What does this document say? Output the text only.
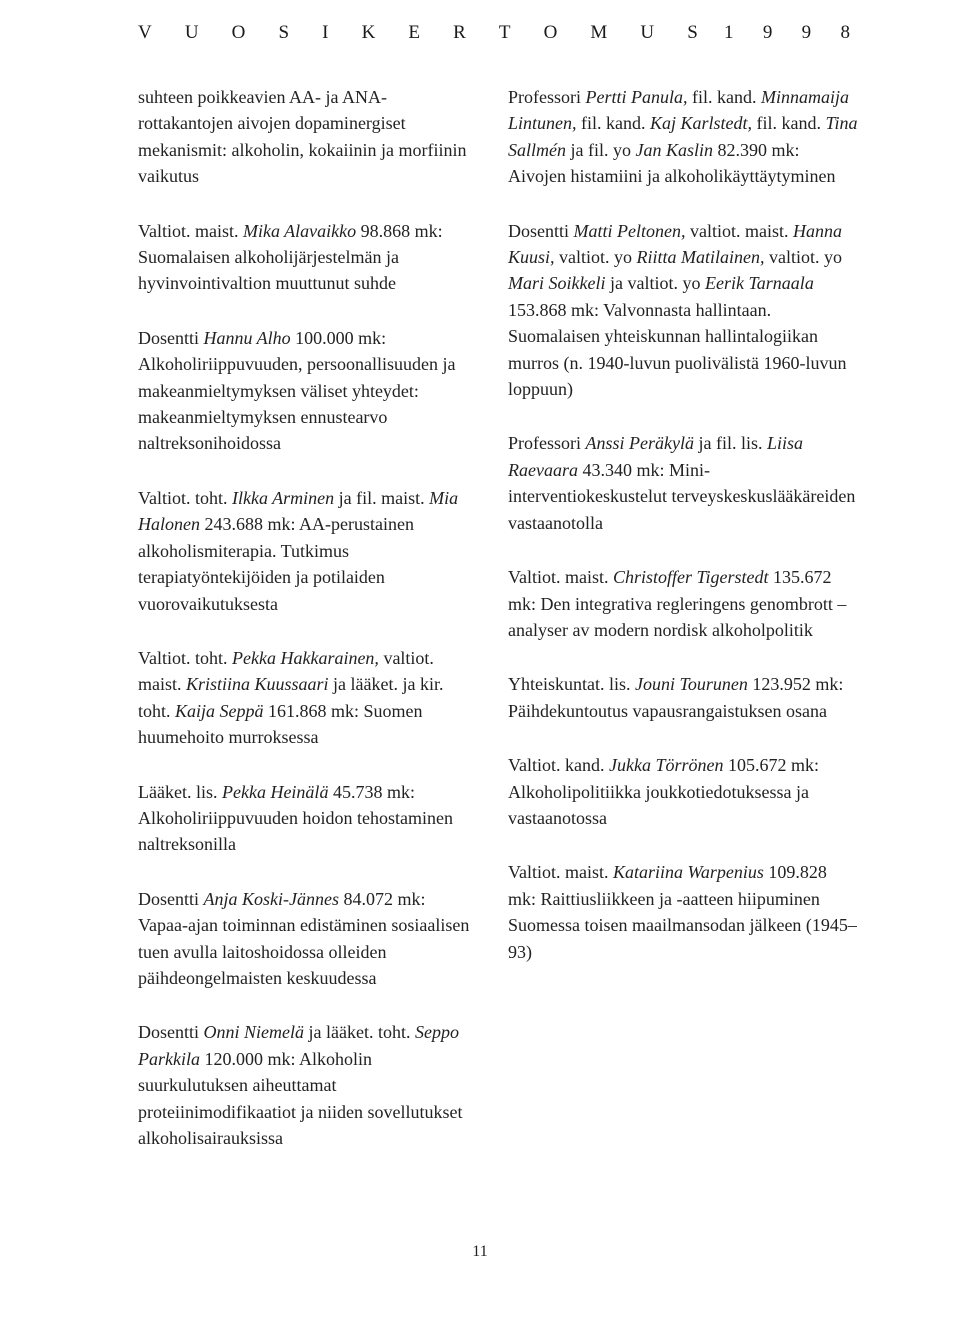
V U O S I K E R T O M U S 1 9 9 8

suhteen poikkeavien AA- ja ANA-rottakantojen aivojen dopaminergiset mekanismit: alkoholin, kokaiinin ja morfiinin vaikutus

Valtiot. maist. Mika Alavaikko 98.868 mk: Suomalaisen alkoholijärjestelmän ja hyvinvointivaltion muuttunut suhde

Dosentti Hannu Alho 100.000 mk: Alkoholiriippuvuuden, persoonallisuuden ja makeanmieltymyksen väliset yhteydet: makeanmieltymyksen ennustearvo naltreksonihoidossa

Valtiot. toht. Ilkka Arminen ja fil. maist. Mia Halonen 243.688 mk: AA-perustainen alkoholismiterapia. Tutkimus terapiatyöntekijöiden ja potilaiden vuorovaikutuksesta

Valtiot. toht. Pekka Hakkarainen, valtiot. maist. Kristiina Kuussaari ja lääket. ja kir. toht. Kaija Seppä 161.868 mk: Suomen huumehoito murroksessa

Lääket. lis. Pekka Heinälä 45.738 mk: Alkoholiriippuvuuden hoidon tehostaminen naltreksonilla

Dosentti Anja Koski-Jännes 84.072 mk: Vapaa-ajan toiminnan edistäminen sosiaalisen tuen avulla laitoshoidossa olleiden päihdeongelmaisten keskuudessa

Dosentti Onni Niemelä ja lääket. toht. Seppo Parkkila 120.000 mk: Alkoholin suurkulutuksen aiheuttamat proteiinimodifikaatiot ja niiden sovellutukset alkoholisairauksissa

Professori Pertti Panula, fil. kand. Minnamaija Lintunen, fil. kand. Kaj Karlstedt, fil. kand. Tina Sallmén ja fil. yo Jan Kaslin 82.390 mk: Aivojen histamiini ja alkoholikäyttäytyminen

Dosentti Matti Peltonen, valtiot. maist. Hanna Kuusi, valtiot. yo Riitta Matilainen, valtiot. yo Mari Soikkeli ja valtiot. yo Eerik Tarnaala 153.868 mk: Valvonnasta hallintaan. Suomalaisen yhteiskunnan hallintalogiikan murros (n. 1940-luvun puolivälistä 1960-luvun loppuun)

Professori Anssi Peräkylä ja fil. lis. Liisa Raevaara 43.340 mk: Mini-interventiokeskustelut terveyskeskuslääkäreiden vastaanotolla

Valtiot. maist. Christoffer Tigerstedt 135.672 mk: Den integrativa regleringens genombrott – analyser av modern nordisk alkoholpolitik

Yhteiskuntat. lis. Jouni Tourunen 123.952 mk: Päihdekuntoutus vapausrangaistuksen osana

Valtiot. kand. Jukka Törrönen 105.672 mk: Alkoholipolitiikka joukkotiedotuksessa ja vastaanotossa

Valtiot. maist. Katariina Warpenius 109.828 mk: Raittiusliikkeen ja -aatteen hiipuminen Suomessa toisen maailmansodan jälkeen (1945–93)

11
